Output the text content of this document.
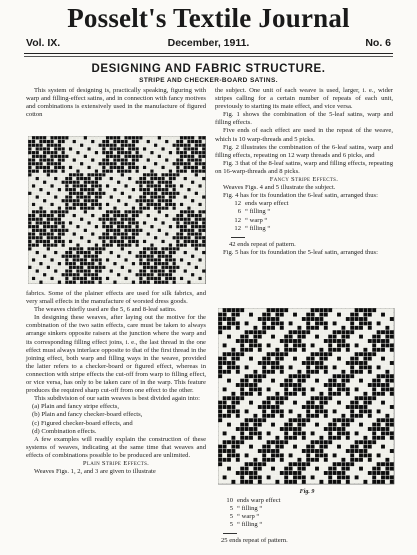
Posselt's Textile Journal
Vol. IX.	December, 1911.	No. 6
DESIGNING AND FABRIC STRUCTURE.
STRIPE AND CHECKER-BOARD SATINS.

This system of designing is, practically speaking, figuring with warp and filling-effect satins, and in connection with fancy motives and combinations is extensively used in the manufacture of figured cotton

fabrics. Some of the plainer effects are used for silk fabrics, and very small effects in the manufacture of worsted dress goods.

The weaves chiefly used are the 5, 6 and 8-leaf satins.

In designing these weaves, after laying out the motive for the combination of the two satin effects, care must be taken to always arrange sinkers opposite raisers at the junction where the warp and its corresponding filling effect joins, i. e., the last thread in the one effect must always interlace opposite to that of the first thread in the joining effect, both warp and filling ways in the weave, provided the latter refers to a checker-board or figured effect, whereas in connection with stripe effects the cut-off from warp to filling effect, or vice versa, has only to be taken care of in the warp. This feature produces the required sharp cut-off from one effect to the other.

This subdivision of our satin weaves is best divided again into:

(a) Plain and fancy stripe effects,
(b) Plain and fancy checker-board effects,
(c) Figured checker-board effects, and
(d) Combination effects.

A few examples will readily explain the construction of these systems of weaves, indicating at the same time that weaves and effects of combinations possible to be produced are unlimited.

Plain Stripe Effects.

Weaves Figs. 1, 2, and 3 are given to illustrate

the subject. One unit of each weave is used, larger, i. e., wider stripes calling for a certain number of repeats of each unit, previously to starting its mate effect, and vice versa.

Fig. 1 shows the combination of the 5-leaf satins, warp and filling effects.

Five ends of each effect are used in the repeat of the weave, which is 10 warp-threads and 5 picks.

Fig. 2 illustrates the combination of the 6-leaf satins, warp and filling effects, repeating on 12 warp threads and 6 picks, and

Fig. 3 that of the 8-leaf satins, warp and filling effects, repeating on 16-warp-threads and 8 picks.

Fancy Stripe Effects.

Weaves Figs. 4 and 5 illustrate the subject.

Fig. 4 has for its foundation the 6-leaf satin, arranged thus:

12 ends warp effect
6 “ filling “
12 “ warp “
12 “ filling “
42 ends repeat of pattern.

Fig. 5 has for its foundation the 5-leaf satin, arranged thus:

Fig. 9
10 ends warp effect
5 “ filling “
5 “ warp “
5 “ filling “
25 ends repeat of pattern.
